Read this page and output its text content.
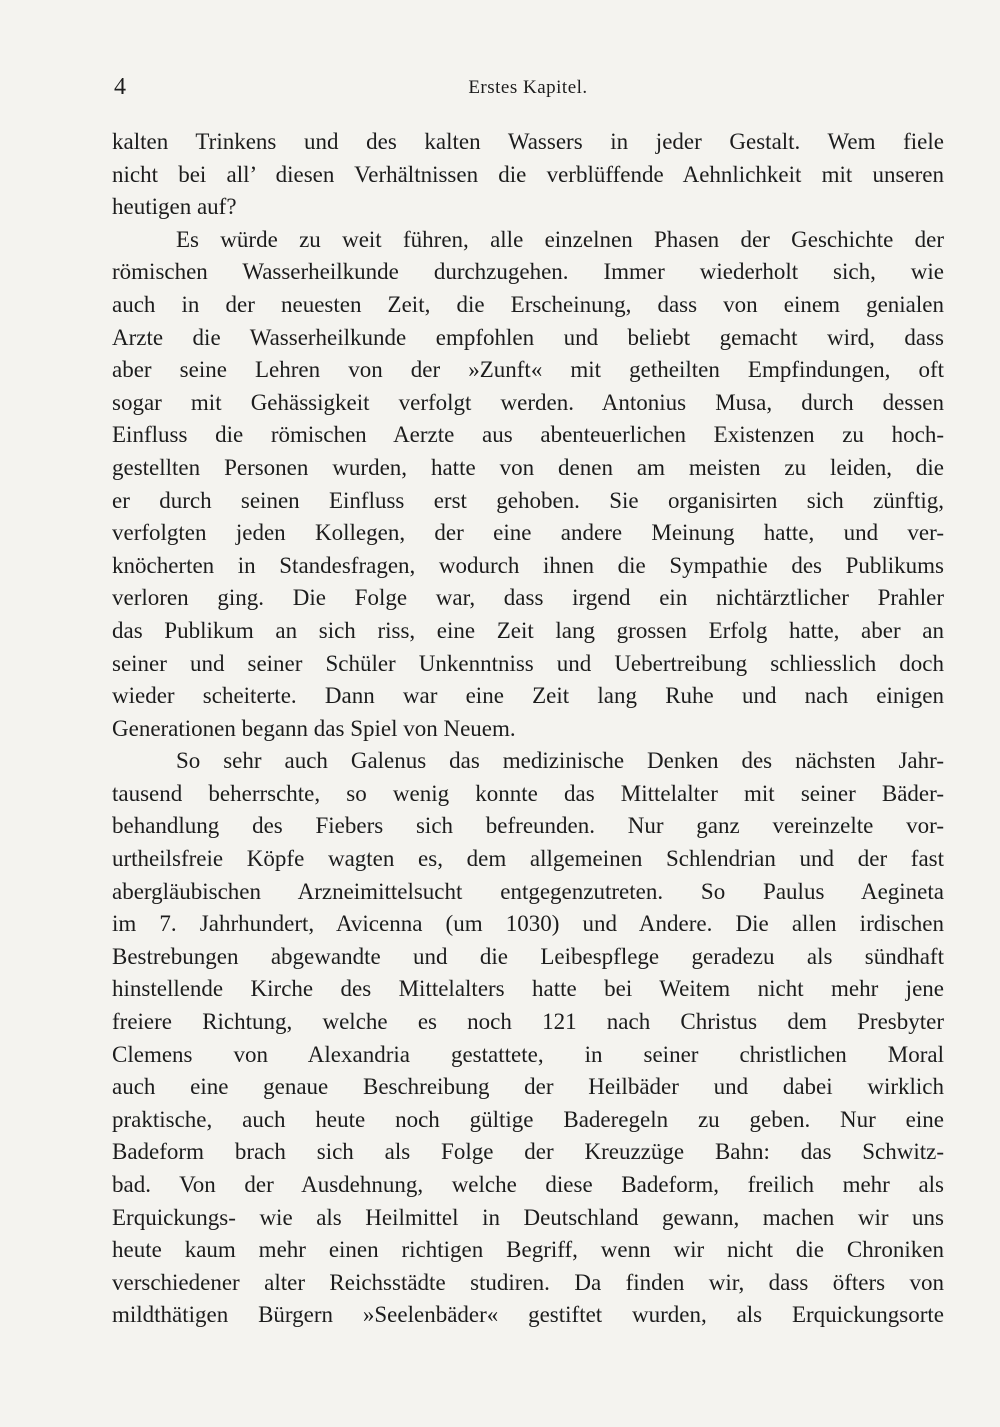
4	Erstes Kapitel.
kalten Trinkens und des kalten Wassers in jeder Gestalt. Wem fiele
nicht bei all’ diesen Verhältnissen die verblüffende Aehnlichkeit mit unseren
heutigen auf?
Es würde zu weit führen, alle einzelnen Phasen der Geschichte der
römischen Wasserheilkunde durchzugehen. Immer wiederholt sich, wie
auch in der neuesten Zeit, die Erscheinung, dass von einem genialen
Arzte die Wasserheilkunde empfohlen und beliebt gemacht wird, dass
aber seine Lehren von der »Zunft« mit getheilten Empfindungen, oft
sogar mit Gehässigkeit verfolgt werden. Antonius Musa, durch dessen
Einfluss die römischen Aerzte aus abenteuerlichen Existenzen zu hoch-
gestellten Personen wurden, hatte von denen am meisten zu leiden, die
er durch seinen Einfluss erst gehoben. Sie organisirten sich zünftig,
verfolgten jeden Kollegen, der eine andere Meinung hatte, und ver-
knöcherten in Standesfragen, wodurch ihnen die Sympathie des Publikums
verloren ging. Die Folge war, dass irgend ein nichtärztlicher Prahler
das Publikum an sich riss, eine Zeit lang grossen Erfolg hatte, aber an
seiner und seiner Schüler Unkenntniss und Uebertreibung schliesslich doch
wieder scheiterte. Dann war eine Zeit lang Ruhe und nach einigen
Generationen begann das Spiel von Neuem.
So sehr auch Galenus das medizinische Denken des nächsten Jahr-
tausend beherrschte, so wenig konnte das Mittelalter mit seiner Bäder-
behandlung des Fiebers sich befreunden. Nur ganz vereinzelte vor-
urtheilsfreie Köpfe wagten es, dem allgemeinen Schlendrian und der fast
abergläubischen Arzneimittelsucht entgegenzutreten. So Paulus Aegineta
im 7. Jahrhundert, Avicenna (um 1030) und Andere. Die allen irdischen
Bestrebungen abgewandte und die Leibespflege geradezu als sündhaft
hinstellende Kirche des Mittelalters hatte bei Weitem nicht mehr jene
freiere Richtung, welche es noch 121 nach Christus dem Presbyter
Clemens von Alexandria gestattete, in seiner christlichen Moral
auch eine genaue Beschreibung der Heilbäder und dabei wirklich
praktische, auch heute noch gültige Baderegeln zu geben. Nur eine
Badeform brach sich als Folge der Kreuzzüge Bahn: das Schwitz-
bad. Von der Ausdehnung, welche diese Badeform, freilich mehr als
Erquickungs- wie als Heilmittel in Deutschland gewann, machen wir uns
heute kaum mehr einen richtigen Begriff, wenn wir nicht die Chroniken
verschiedener alter Reichsstädte studiren. Da finden wir, dass öfters von
mildthätigen Bürgern »Seelenbäder« gestiftet wurden, als Erquickungsorte
